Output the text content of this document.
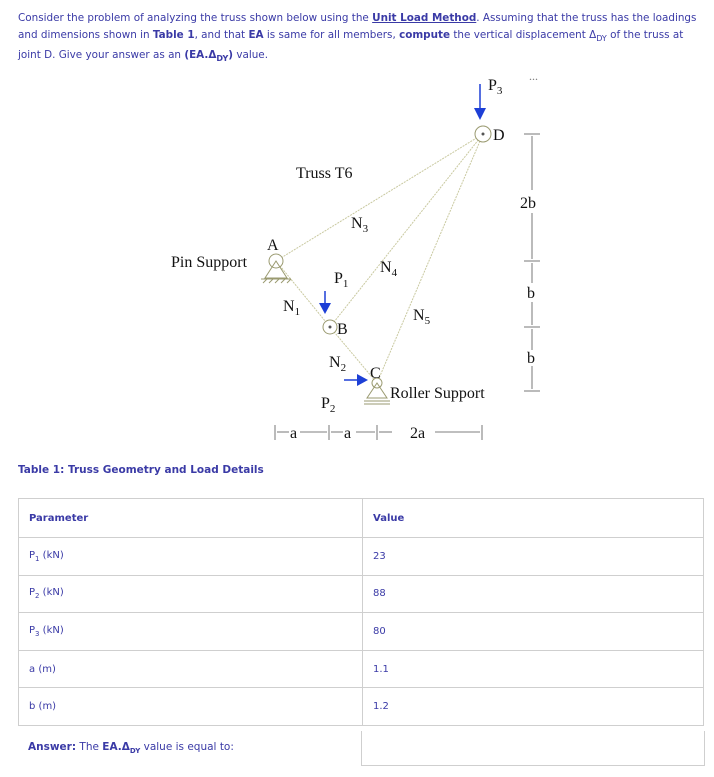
Consider the problem of analyzing the truss shown below using the Unit Load Method. Assuming that the truss has the loadings and dimensions shown in Table 1, and that EA is same for all members, compute the vertical displacement $\Delta_{DY}$ of the truss at joint D. Give your answer as an $(EA.\Delta_{DY})$ value.
Truss T6
Pin Support
Roller Support
A
B
C
D
$N_3$
$N_1$
$N_4$
$N_5$
$N_2$
$P_1$
$P_2$
$P_3$
...
a	a	2a
2b
b
b
Table 1: Truss Geometry and Load Details
Parameter	Value
$P_1$ (kN)	23
$P_2$ (kN)	88
$P_3$ (kN)	80
a (m)	1.1
b (m)	1.2
Answer: The $EA.\Delta_{DY}$ value is equal to:
